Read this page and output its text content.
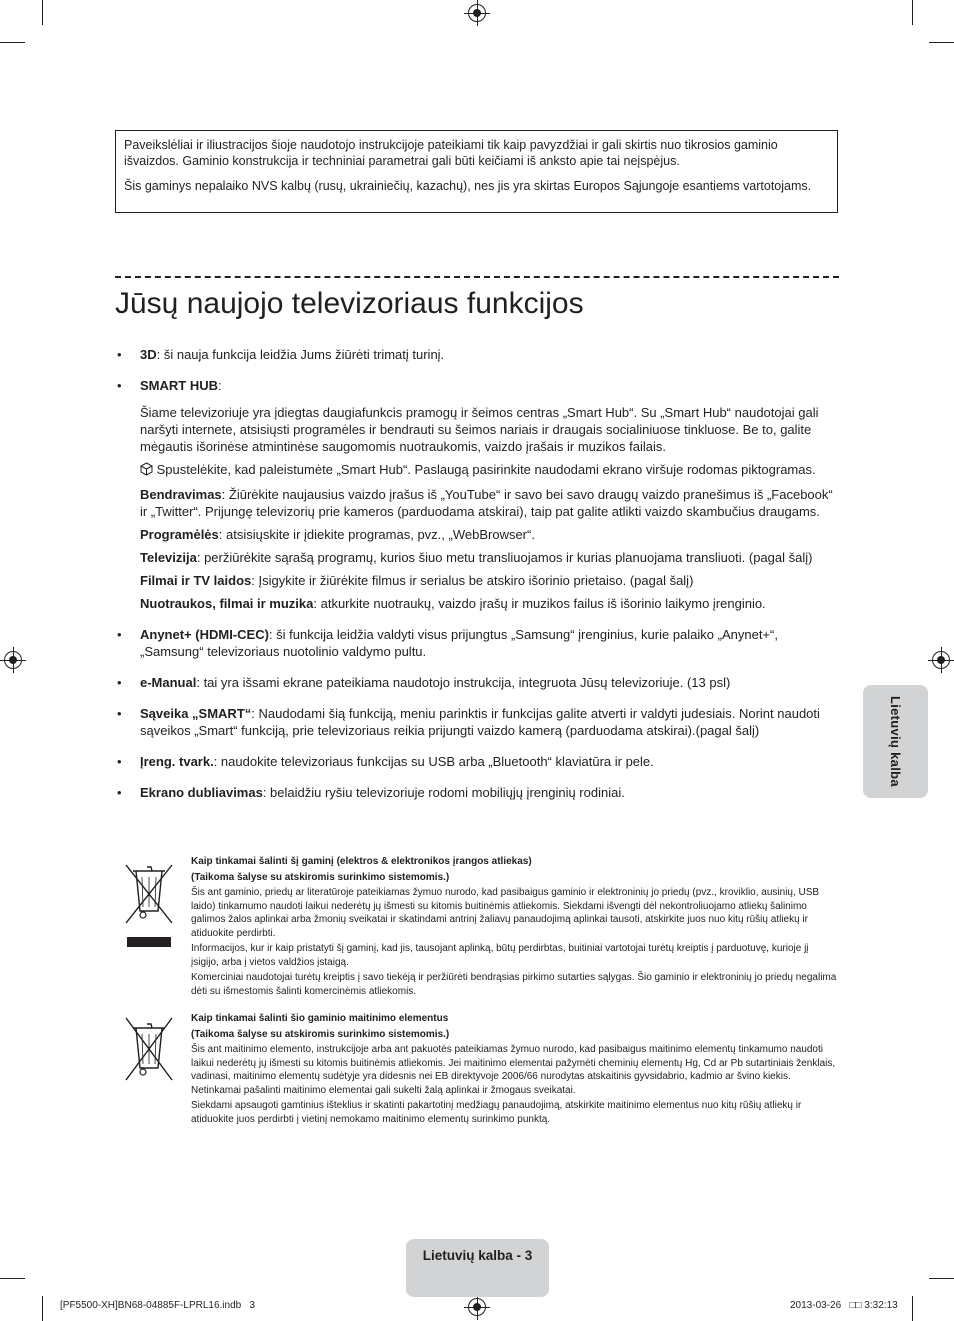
Paveikslėliai ir iliustracijos šioje naudotojo instrukcijoje pateikiami tik kaip pavyzdžiai ir gali skirtis nuo tikrosios gaminio išvaizdos. Gaminio konstrukcija ir techniniai parametrai gali būti keičiami iš anksto apie tai neįspėjus.

Šis gaminys nepalaiko NVS kalbų (rusų, ukrainiečių, kazachų), nes jis yra skirtas Europos Sąjungoje esantiems vartotojams.

Jūsų naujojo televizoriaus funkcijos
• 3D: ši nauja funkcija leidžia Jums žiūrėti trimatį turinį.

• SMART HUB:

Šiame televizoriuje yra įdiegtas daugiafunkcis pramogų ir šeimos centras „Smart Hub“. Su „Smart Hub“ naudotojai gali naršyti internete, atsisiųsti programėles ir bendrauti su šeimos nariais ir draugais socialiniuose tinkluose. Be to, galite mėgautis išorinėse atmintinėse saugomomis nuotraukomis, vaizdo įrašais ir muzikos failais.

Spustelėkite, kad paleistumėte „Smart Hub“. Paslaugą pasirinkite naudodami ekrano viršuje rodomas piktogramas.

Bendravimas: Žiūrėkite naujausius vaizdo įrašus iš „YouTube“ ir savo bei savo draugų vaizdo pranešimus iš „Facebook“ ir „Twitter“. Prijungę televizorių prie kameros (parduodama atskirai), taip pat galite atlikti vaizdo skambučius draugams.

Programėlės: atsisiųskite ir įdiekite programas, pvz., „WebBrowser“.

Televizija: peržiūrėkite sąrašą programų, kurios šiuo metu transliuojamos ir kurias planuojama transliuoti. (pagal šalį)

Filmai ir TV laidos: Įsigykite ir žiūrėkite filmus ir serialus be atskiro išorinio prietaiso. (pagal šalį)

Nuotraukos, filmai ir muzika: atkurkite nuotraukų, vaizdo įrašų ir muzikos failus iš išorinio laikymo įrenginio.

• Anynet+ (HDMI-CEC): ši funkcija leidžia valdyti visus prijungtus „Samsung“ įrenginius, kurie palaiko „Anynet+“, „Samsung“ televizoriaus nuotolinio valdymo pultu.
• e-Manual: tai yra išsami ekrane pateikiama naudotojo instrukcija, integruota Jūsų televizoriuje. (13 psl)
• Sąveika „SMART“: Naudodami šią funkciją, meniu parinktis ir funkcijas galite atverti ir valdyti judesiais. Norint naudoti sąveikos „Smart“ funkciją, prie televizoriaus reikia prijungti vaizdo kamerą (parduodama atskirai).(pagal šalį)
• Įreng. tvark.: naudokite televizoriaus funkcijas su USB arba „Bluetooth“ klaviatūra ir pele.
• Ekrano dubliavimas: belaidžiu ryšiu televizoriuje rodomi mobiliųjų įrenginių rodiniai.

Kaip tinkamai šalinti šį gaminį (elektros & elektronikos įrangos atliekas)

(Taikoma šalyse su atskiromis surinkimo sistemomis.)

Šis ant gaminio, priedų ar literatūroje pateikiamas žymuo nurodo, kad pasibaigus gaminio ir elektroninių jo priedų (pvz., kroviklio, ausinių, USB laido) tinkamumo naudoti laikui nederėtų jų išmesti su kitomis buitinėmis atliekomis. Siekdami išvengti dėl nekontroliuojamo atliekų šalinimo galimos žalos aplinkai arba žmonių sveikatai ir skatindami antrinį žaliavų panaudojimą aplinkai tausoti, atskirkite juos nuo kitų rūšių atliekų ir atiduokite perdirbti.

Informacijos, kur ir kaip pristatyti šį gaminį, kad jis, tausojant aplinką, būtų perdirbtas, buitiniai vartotojai turėtų kreiptis į parduotuvę, kurioje jį įsigijo, arba į vietos valdžios įstaigą.

Komerciniai naudotojai turėtų kreiptis į savo tiekėją ir peržiūrėti bendrąsias pirkimo sutarties sąlygas. Šio gaminio ir elektroninių jo priedų negalima dėti su išmestomis šalinti komercinėmis atliekomis.

Kaip tinkamai šalinti šio gaminio maitinimo elementus

(Taikoma šalyse su atskiromis surinkimo sistemomis.)

Šis ant maitinimo elemento, instrukcijoje arba ant pakuotės pateikiamas žymuo nurodo, kad pasibaigus maitinimo elementų tinkamumo naudoti laikui nederėtų jų išmesti su kitomis buitinėmis atliekomis. Jei maitinimo elementai pažymėti cheminių elementų Hg, Cd ar Pb sutartiniais ženklais, vadinasi, maitinimo elementų sudėtyje yra didesnis nei EB direktyvoje 2006/66 nurodytas atskaitinis gyvsidabrio, kadmio ar švino kiekis. Netinkamai pašalinti maitinimo elementai gali sukelti žalą aplinkai ir žmogaus sveikatai.

Siekdami apsaugoti gamtinius išteklius ir skatinti pakartotinį medžiagų panaudojimą, atskirkite maitinimo elementus nuo kitų rūšių atliekų ir atiduokite juos perdirbti į vietinį nemokamo maitinimo elementų surinkimo punktą.

Lietuvių kalba
Lietuvių kalba - 3
[PF5500-XH]BN68-04885F-LPRL16.indb   3	2013-03-26   □□ 3:32:13
